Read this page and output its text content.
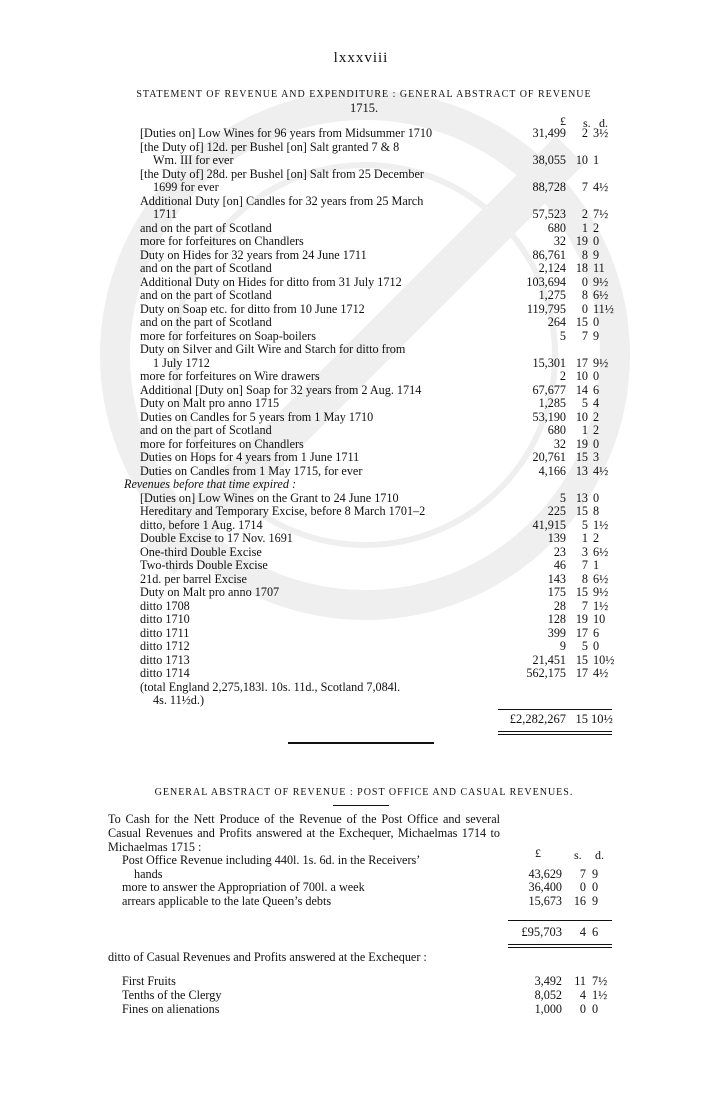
lxxxviii
STATEMENT OF REVENUE AND EXPENDITURE : GENERAL ABSTRACT OF REVENUE
1715.
£ s. d.
[Duties on] Low Wines for 96 years from Midsummer 1710	31,499	2 3½
[the Duty of] 12d. per Bushel [on] Salt granted 7 & 8
Wm. III for ever	38,055 10 1
[the Duty of] 28d. per Bushel [on] Salt from 25 December
1699 for ever	88,728	7 4½
Additional Duty [on] Candles for 32 years from 25 March
1711	57,523	2 7½
and on the part of Scotland	680	1 2
more for forfeitures on Chandlers	32 19 0
Duty on Hides for 32 years from 24 June 1711	86,761	8 9
and on the part of Scotland	2,124 18 11
Additional Duty on Hides for ditto from 31 July 1712	103,694	0 9½
and on the part of Scotland	1,275	8 6½
Duty on Soap etc. for ditto from 10 June 1712	119,795	0 11½
and on the part of Scotland	264 15 0
more for forfeitures on Soap-boilers	5	7 9
Duty on Silver and Gilt Wire and Starch for ditto from
1 July 1712	15,301 17 9½
more for forfeitures on Wire drawers	2 10 0
Additional [Duty on] Soap for 32 years from 2 Aug. 1714	67,677 14 6
Duty on Malt pro anno 1715	1,285	5 4
Duties on Candles for 5 years from 1 May 1710	53,190 10 2
and on the part of Scotland	680	1 2
more for forfeitures on Chandlers	32 19 0
Duties on Hops for 4 years from 1 June 1711	20,761 15 3
Duties on Candles from 1 May 1715, for ever	4,166 13 4½
Revenues before that time expired :
[Duties on] Low Wines on the Grant to 24 June 1710	5 13 0
Hereditary and Temporary Excise, before 8 March 1701–2	225 15 8
ditto, before 1 Aug. 1714	41,915	5 1½
Double Excise to 17 Nov. 1691	139	1 2
One-third Double Excise	23	3 6½
Two-thirds Double Excise	46	7 1
21d. per barrel Excise	143	8 6½
Duty on Malt pro anno 1707	175 15 9½
ditto 1708	28	7 1½
ditto 1710	128 19 10
ditto 1711	399 17 6
ditto 1712	9	5 0
ditto 1713	21,451 15 10½
ditto 1714	562,175 17 4½
(total England 2,275,183l. 10s. 11d., Scotland 7,084l.
4s. 11½d.)
£2,282,267 15 10½
GENERAL ABSTRACT OF REVENUE : POST OFFICE AND CASUAL REVENUES.
To Cash for the Nett Produce of the Revenue of the Post Office and several Casual Revenues and Profits answered at the Exchequer, Michaelmas 1714 to Michaelmas 1715 :	£	s. d.
Post Office Revenue including 440l. 1s. 6d. in the Receivers’
hands	43,629	7 9
more to answer the Appropriation of 700l. a week	36,400	0 0
arrears applicable to the late Queen’s debts	15,673 16 9
£95,703	4 6
ditto of Casual Revenues and Profits answered at the Exchequer :
First Fruits	3,492	11 7½
Tenths of the Clergy	8,052	4 1½
Fines on alienations	1,000	0 0
